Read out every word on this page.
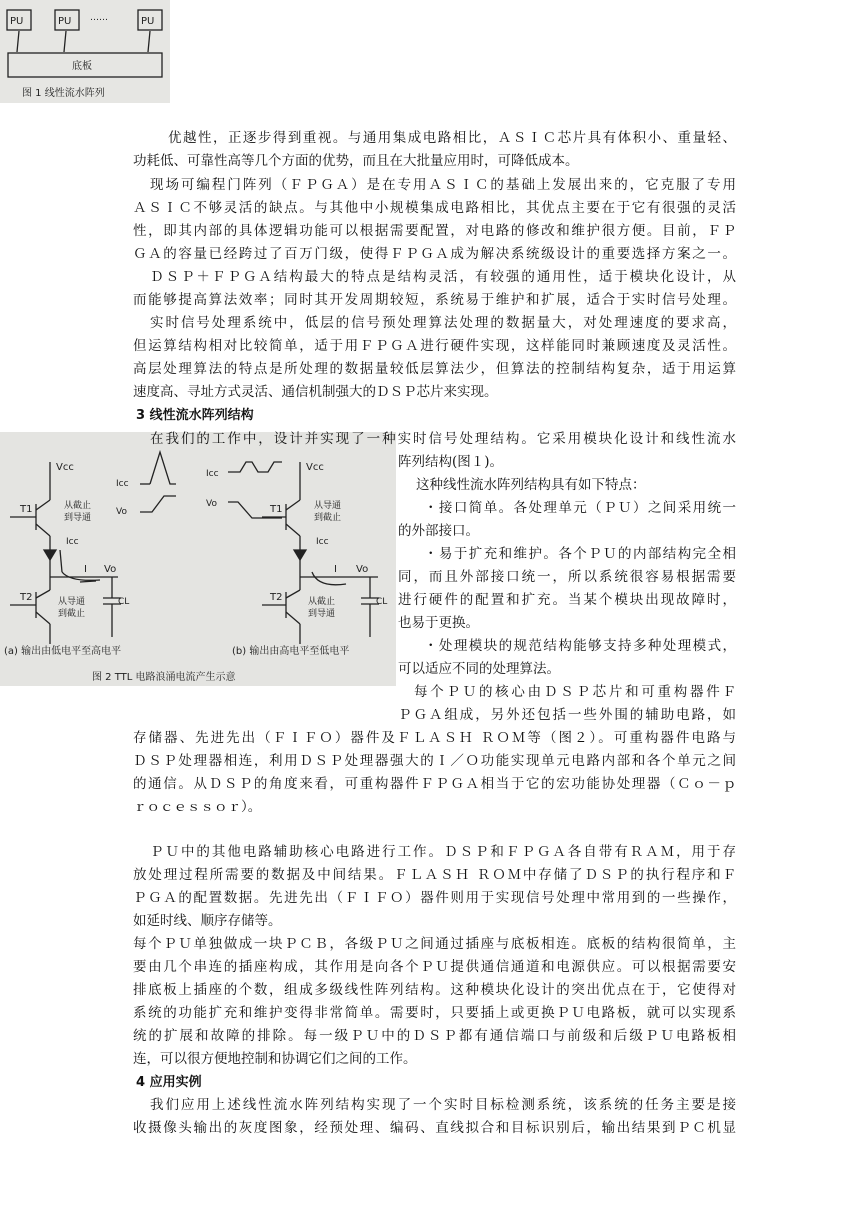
PU	PU	PU
……
底板
图 1 线性流水阵列
Vcc
T1
T2
Icc
I Vo
CL
从截止
到导通
从导通
到截止
Icc
Vo
(a) 输出由低电平至高电平
Vcc
T1
T2
Icc
I Vo
CL
从导通
到截止
从截止
到导通
Icc
Vo
(b) 输出由高电平至低电平
图 2 TTL 电路浪涌电流产生示意
优越性，正逐步得到重视。与通用集成电路相比，ＡＳＩＣ芯片具有体积小、重量轻、
功耗低、可靠性高等几个方面的优势，而且在大批量应用时，可降低成本。
现场可编程门阵列（ＦＰＧＡ）是在专用ＡＳＩＣ的基础上发展出来的，它克服了专用
ＡＳＩＣ不够灵活的缺点。与其他中小规模集成电路相比，其优点主要在于它有很强的灵活
性，即其内部的具体逻辑功能可以根据需要配置，对电路的修改和维护很方便。目前，ＦＰ
ＧＡ的容量已经跨过了百万门级，使得ＦＰＧＡ成为解决系统级设计的重要选择方案之一。
ＤＳＰ＋ＦＰＧＡ结构最大的特点是结构灵活，有较强的通用性，适于模块化设计，从
而能够提高算法效率；同时其开发周期较短，系统易于维护和扩展，适合于实时信号处理。
实时信号处理系统中，低层的信号预处理算法处理的数据量大，对处理速度的要求高，
但运算结构相对比较简单，适于用ＦＰＧＡ进行硬件实现，这样能同时兼顾速度及灵活性。
高层处理算法的特点是所处理的数据量较低层算法少，但算法的控制结构复杂，适于用运算
速度高、寻址方式灵活、通信机制强大的ＤＳＰ芯片来实现。
3 线性流水阵列结构
在我们的工作中，设计并实现了一种实时信号处理结构。它采用模块化设计和线性流水
阵列结构(图１)。
这种线性流水阵列结构具有如下特点：
・接口简单。各处理单元（ＰＵ）之间采用统一
的外部接口。
・易于扩充和维护。各个ＰＵ的内部结构完全相
同，而且外部接口统一，所以系统很容易根据需要
进行硬件的配置和扩充。当某个模块出现故障时，
也易于更换。
・处理模块的规范结构能够支持多种处理模式，
可以适应不同的处理算法。
每个ＰＵ的核心由ＤＳＰ芯片和可重构器件Ｆ
ＰＧＡ组成，另外还包括一些外围的辅助电路，如
存储器、先进先出（ＦＩＦＯ）器件及ＦＬＡＳＨ ＲＯＭ等（图２）。可重构器件电路与
ＤＳＰ处理器相连，利用ＤＳＰ处理器强大的Ｉ／Ｏ功能实现单元电路内部和各个单元之间
的通信。从ＤＳＰ的角度来看，可重构器件ＦＰＧＡ相当于它的宏功能协处理器（Ｃｏ－ｐ
ｒｏｃｅｓｓｏｒ）。
ＰＵ中的其他电路辅助核心电路进行工作。ＤＳＰ和ＦＰＧＡ各自带有ＲＡＭ，用于存
放处理过程所需要的数据及中间结果。ＦＬＡＳＨ ＲＯＭ中存储了ＤＳＰ的执行程序和Ｆ
ＰＧＡ的配置数据。先进先出（ＦＩＦＯ）器件则用于实现信号处理中常用到的一些操作，
如延时线、顺序存储等。
每个ＰＵ单独做成一块ＰＣＢ，各级ＰＵ之间通过插座与底板相连。底板的结构很简单，主
要由几个串连的插座构成，其作用是向各个ＰＵ提供通信通道和电源供应。可以根据需要安
排底板上插座的个数，组成多级线性阵列结构。这种模块化设计的突出优点在于，它使得对
系统的功能扩充和维护变得非常简单。需要时，只要插上或更换ＰＵ电路板，就可以实现系
统的扩展和故障的排除。每一级ＰＵ中的ＤＳＰ都有通信端口与前级和后级ＰＵ电路板相
连，可以很方便地控制和协调它们之间的工作。
4 应用实例
我们应用上述线性流水阵列结构实现了一个实时目标检测系统，该系统的任务主要是接
收摄像头输出的灰度图象，经预处理、编码、直线拟合和目标识别后，输出结果到ＰＣ机显
